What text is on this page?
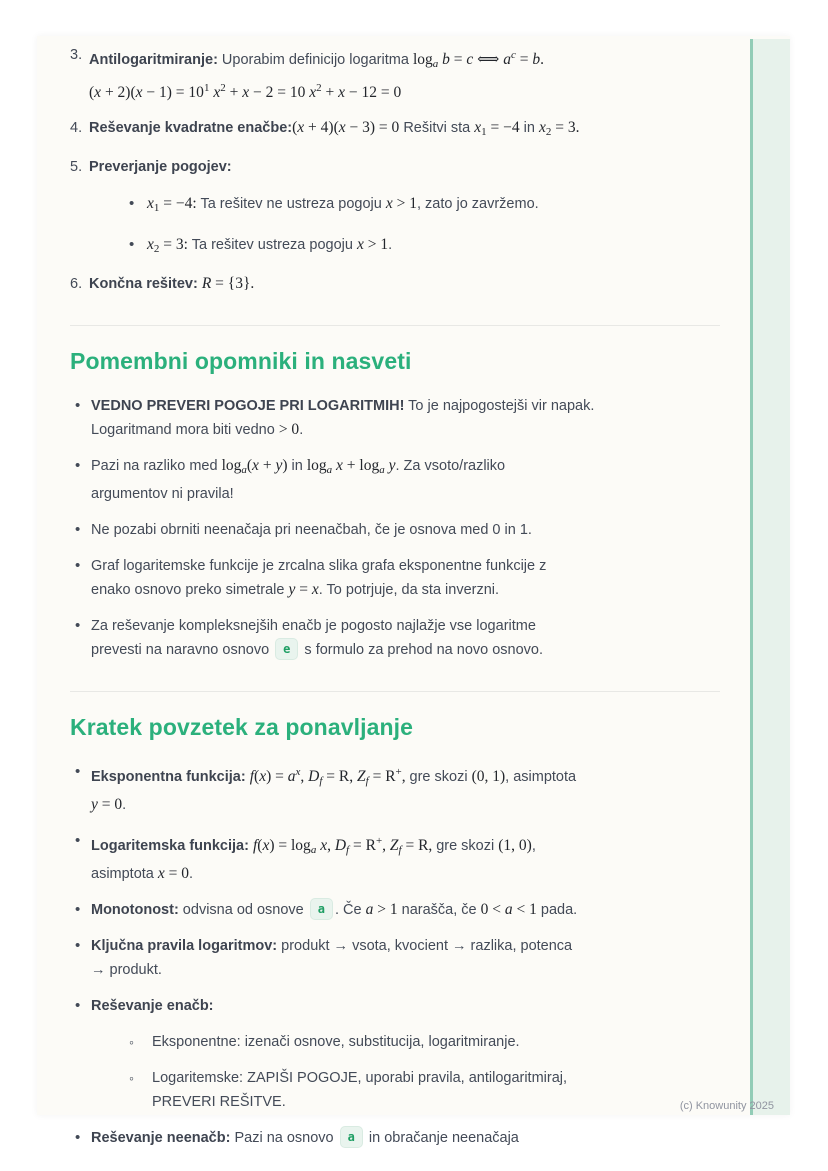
3. Antilogaritmiranje: Uporabim definicijo logaritma $\log_a b = c$ ⟺ $a^c = b$.
$(x + 2)(x - 1) = 10^1$ $x^2 + x - 2 = 10$ $x^2 + x - 12 = 0$
4. Reševanje kvadratne enačbe:(x + 4)(x − 3) = 0 Rešitvi sta $x_1 = -4$ in $x_2 = 3$.
5. Preverjanje pogojev:
• $x_1 = -4$: Ta rešitev ne ustreza pogoju x > 1, zato jo zavržemo.
• $x_2 = 3$: Ta rešitev ustreza pogoju x > 1.
6. Končna rešitev: R = {3}.
Pomembni opomniki in nasveti
• VEDNO PREVERI POGOJE PRI LOGARITMIH! To je najpogostejši vir napak.
Logaritmand mora biti vedno > 0.
• Pazi na razliko med $\log_a(x + y)$ in $\log_a x + \log_a y$. Za vsoto/razliko
argumentov ni pravila!
• Ne pozabi obrniti neenačaja pri neenačbah, če je osnova med 0 in 1.
• Graf logaritemske funkcije je zrcalna slika grafa eksponentne funkcije z
enako osnovo preko simetrale y = x. To potrjuje, da sta inverzni.
• Za reševanje kompleksnejših enačb je pogosto najlažje vse logaritme
prevesti na naravno osnovo e s formulo za prehod na novo osnovo.
Kratek povzetek za ponavljanje
• Eksponentna funkcija: $f(x) = a^x$, $D_f = R$, $Z_f = R^+$, gre skozi (0, 1), asimptota
y = 0.
• Logaritemska funkcija: $f(x) = \log_a x$, $D_f = R^+$, $Z_f = R$, gre skozi (1, 0),
asimptota x = 0.
• Monotonost: odvisna od osnove a . Če a > 1 narašča, če 0 < a < 1 pada.
• Ključna pravila logaritmov: produkt → vsota, kvocient → razlika, potenca
→ produkt.
• Reševanje enačb:
◦ Eksponentne: izenači osnove, substitucija, logaritmiranje.
◦ Logaritemske: ZAPIŠI POGOJE, uporabi pravila, antilogaritmiraj,
PREVERI REŠITVE.
• Reševanje neenačb: Pazi na osnovo a in obračanje neenačaja
(c) Knowunity 2025
